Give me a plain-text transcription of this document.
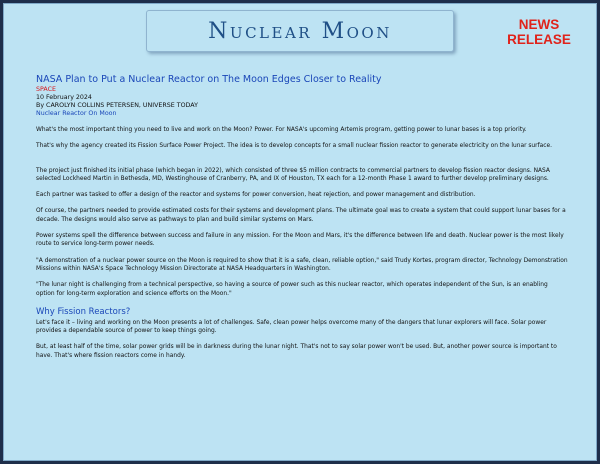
Nuclear Moon	NEWS RELEASE

NASA Plan to Put a Nuclear Reactor on The Moon Edges Closer to Reality

SPACE
10 February 2024
By CAROLYN COLLINS PETERSEN, UNIVERSE TODAY
Nuclear Reactor On Moon

What's the most important thing you need to live and work on the Moon? Power. For NASA's upcoming Artemis program, getting power to lunar bases is a top priority.

That's why the agency created its Fission Surface Power Project. The idea is to develop concepts for a small nuclear fission reactor to generate electricity on the lunar surface.

The project just finished its initial phase (which began in 2022), which consisted of three $5 million contracts to commercial partners to develop fission reactor designs. NASA selected Lockheed Martin in Bethesda, MD, Westinghouse of Cranberry, PA, and IX of Houston, TX each for a 12-month Phase 1 award to further develop preliminary designs.

Each partner was tasked to offer a design of the reactor and systems for power conversion, heat rejection, and power management and distribution.

Of course, the partners needed to provide estimated costs for their systems and development plans. The ultimate goal was to create a system that could support lunar bases for a decade. The designs would also serve as pathways to plan and build similar systems on Mars.

Power systems spell the difference between success and failure in any mission. For the Moon and Mars, it's the difference between life and death. Nuclear power is the most likely route to service long-term power needs.

"A demonstration of a nuclear power source on the Moon is required to show that it is a safe, clean, reliable option," said Trudy Kortes, program director, Technology Demonstration Missions within NASA's Space Technology Mission Directorate at NASA Headquarters in Washington.

"The lunar night is challenging from a technical perspective, so having a source of power such as this nuclear reactor, which operates independent of the Sun, is an enabling option for long-term exploration and science efforts on the Moon."

Why Fission Reactors?

Let's face it – living and working on the Moon presents a lot of challenges. Safe, clean power helps overcome many of the dangers that lunar explorers will face. Solar power provides a dependable source of power to keep things going.

But, at least half of the time, solar power grids will be in darkness during the lunar night. That's not to say solar power won't be used. But, another power source is important to have. That's where fission reactors come in handy.
